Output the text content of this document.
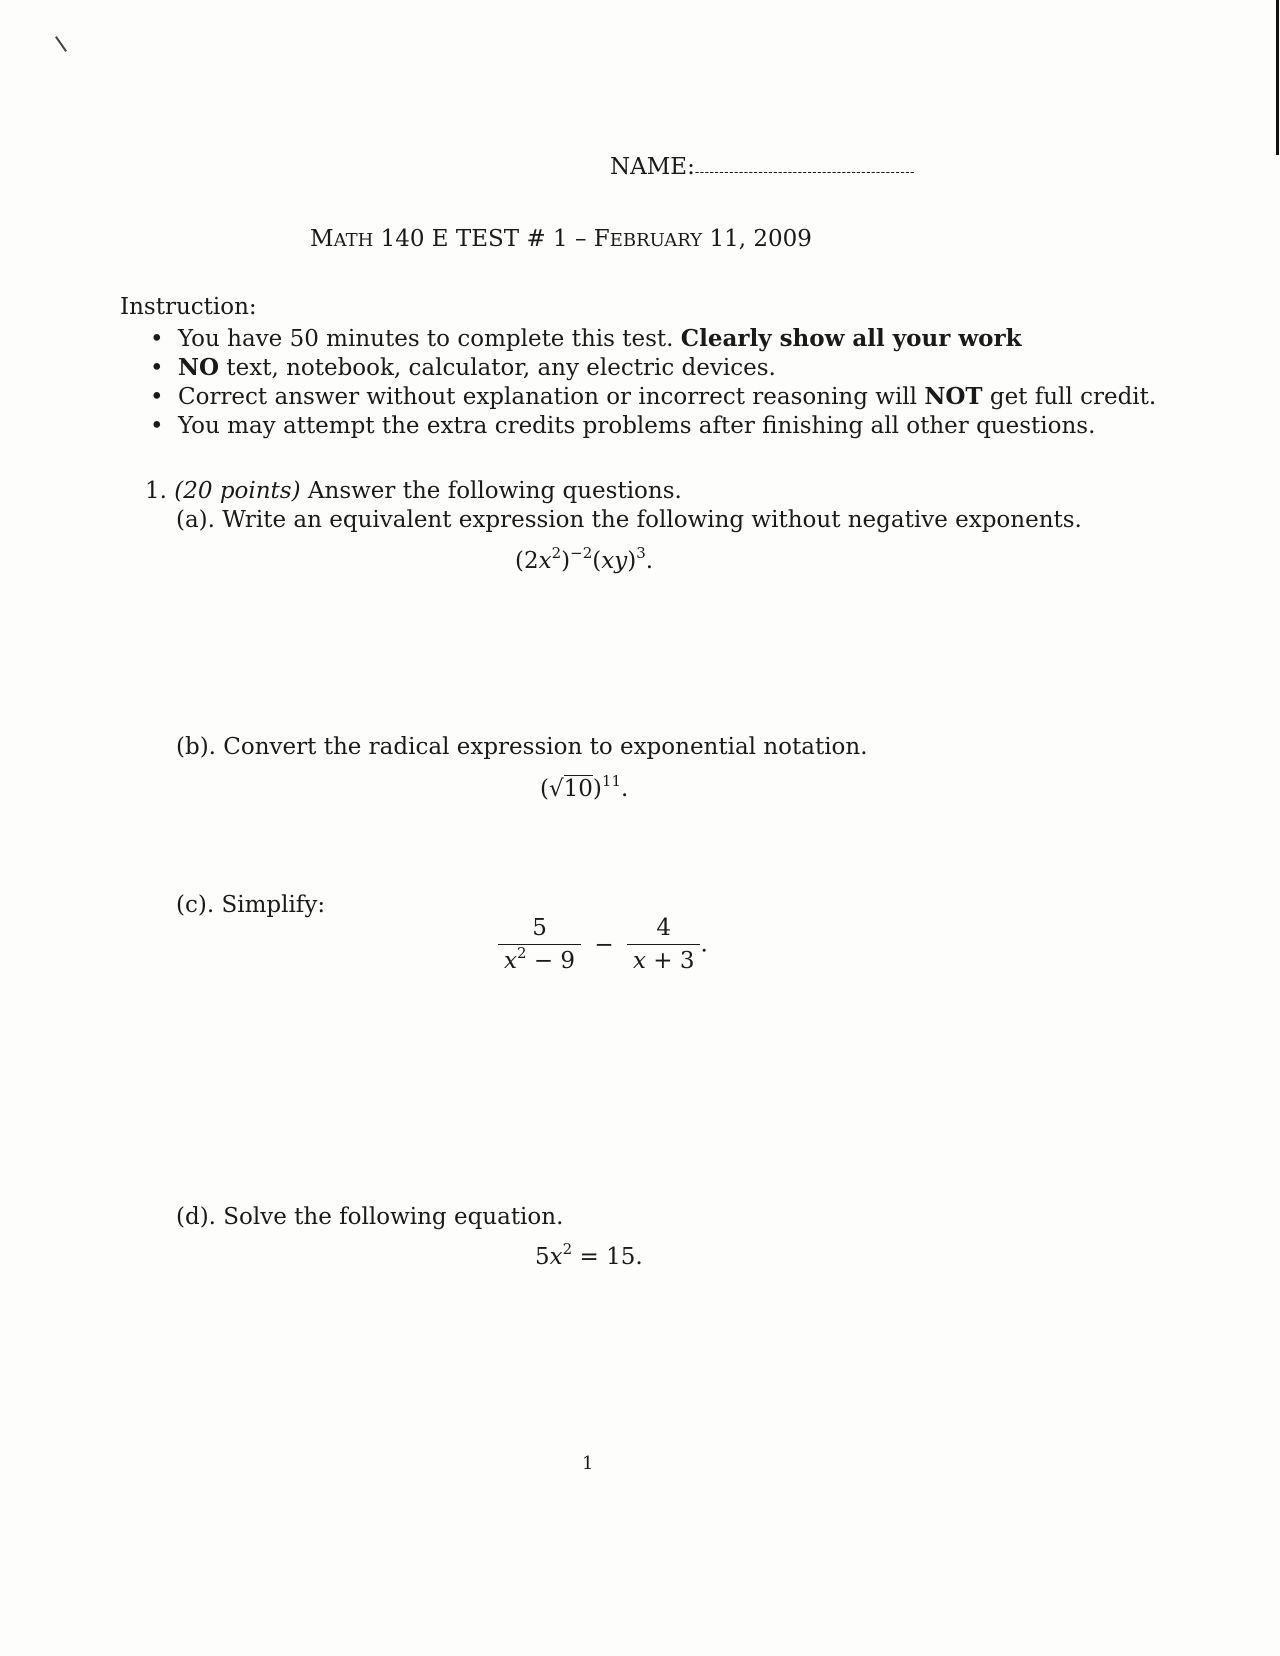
NAME:---------------------------------------------
MATH 140 E TEST # 1 – FEBRUARY 11, 2009
Instruction:
• You have 50 minutes to complete this test. Clearly show all your work
• NO text, notebook, calculator, any electric devices.
• Correct answer without explanation or incorrect reasoning will NOT get full credit.
• You may attempt the extra credits problems after finishing all other questions.
1. (20 points) Answer the following questions.
(a). Write an equivalent expression the following without negative exponents.
$(2x^2)^{-2}(xy)^3$.
(b). Convert the radical expression to exponential notation.
$(√10)^{11}$.
(c). Simplify:
$\frac{5}{x^2 - 9} - \frac{4}{x + 3}$ .
(d). Solve the following equation.
$5x^2 = 15$.
1
